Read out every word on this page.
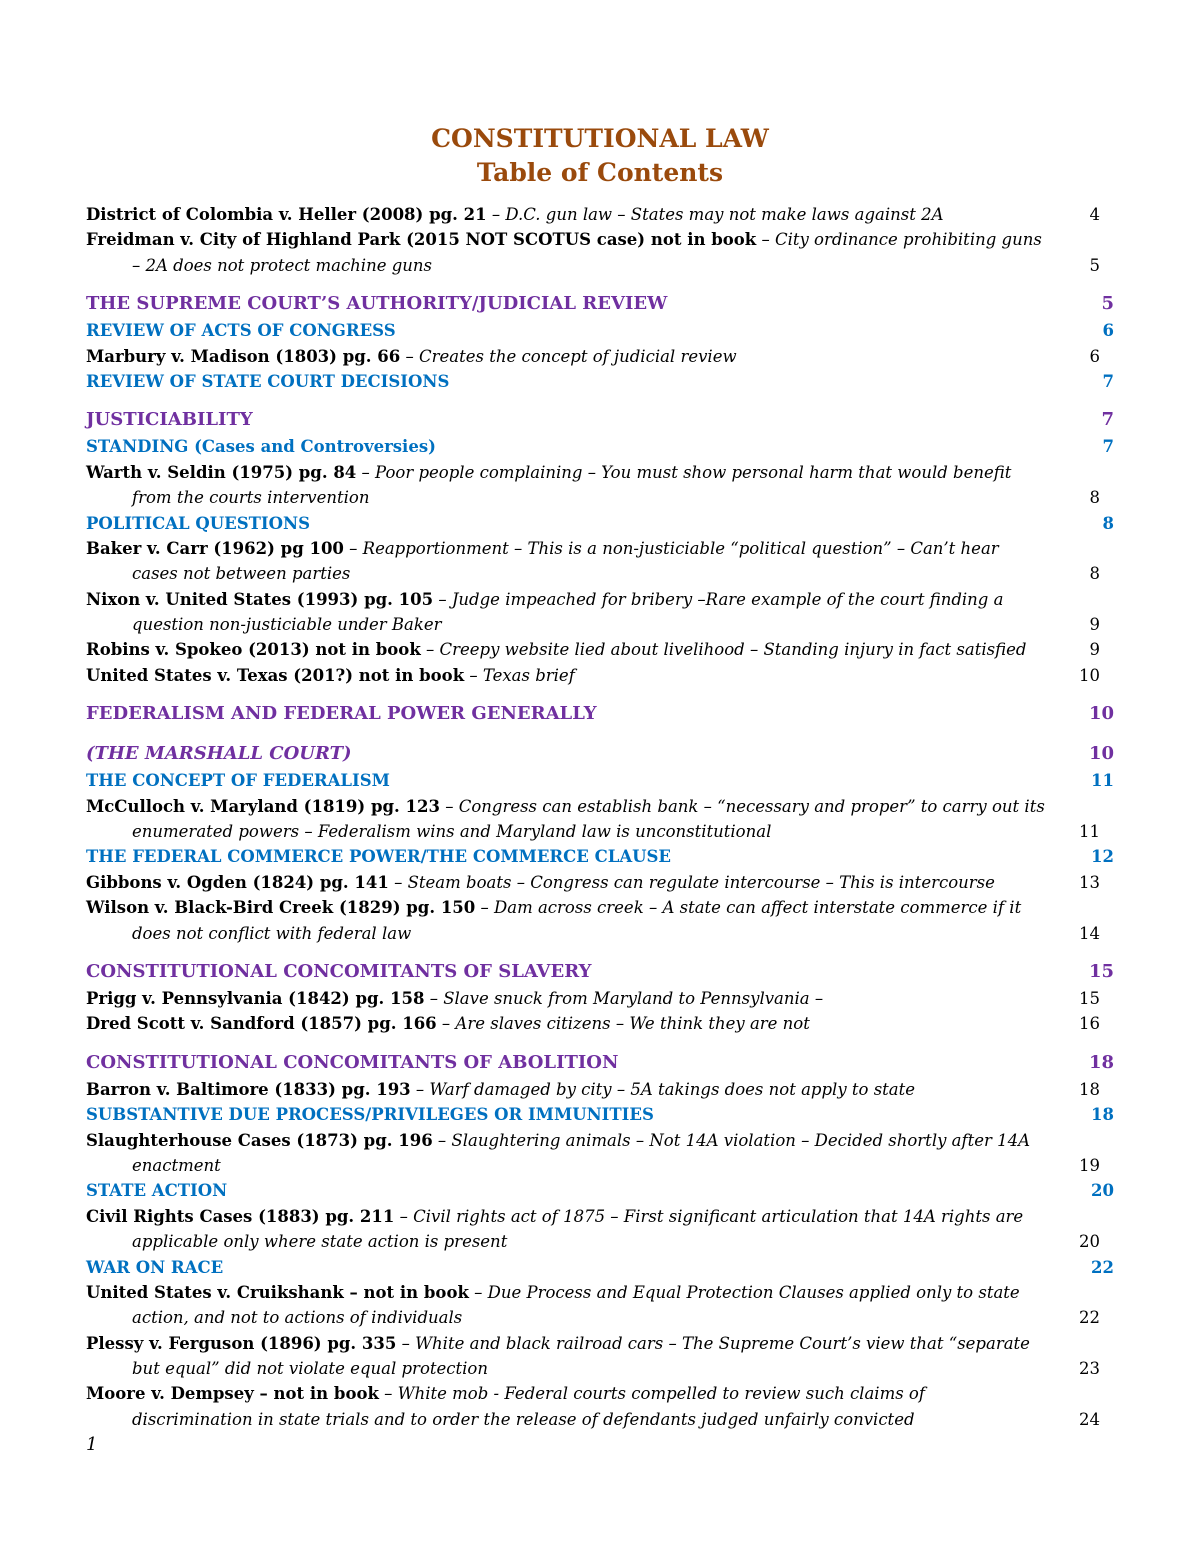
CONSTITUTIONAL LAW
Table of Contents
District of Colombia v. Heller (2008) pg. 21 – D.C. gun law – States may not make laws against 2A	4
Freidman v. City of Highland Park (2015 NOT SCOTUS case) not in book – City ordinance prohibiting guns
– 2A does not protect machine guns	5
THE SUPREME COURT’S AUTHORITY/JUDICIAL REVIEW	5
REVIEW OF ACTS OF CONGRESS	6
Marbury v. Madison (1803) pg. 66 – Creates the concept of judicial review	6
REVIEW OF STATE COURT DECISIONS	7
JUSTICIABILITY	7
STANDING (Cases and Controversies)	7
Warth v. Seldin (1975) pg. 84 – Poor people complaining – You must show personal harm that would benefit
from the courts intervention	8
POLITICAL QUESTIONS	8
Baker v. Carr (1962) pg 100 – Reapportionment – This is a non-justiciable “political question” – Can’t hear
cases not between parties	8
Nixon v. United States (1993) pg. 105 – Judge impeached for bribery –Rare example of the court finding a
question non-justiciable under Baker	9
Robins v. Spokeo (2013) not in book – Creepy website lied about livelihood – Standing injury in fact satisfied	9
United States v. Texas (201?) not in book – Texas brief	10
FEDERALISM AND FEDERAL POWER GENERALLY	10
(THE MARSHALL COURT)	10
THE CONCEPT OF FEDERALISM	11
McCulloch v. Maryland (1819) pg. 123 – Congress can establish bank – “necessary and proper” to carry out its
enumerated powers – Federalism wins and Maryland law is unconstitutional	11
THE FEDERAL COMMERCE POWER/THE COMMERCE CLAUSE	12
Gibbons v. Ogden (1824) pg. 141 – Steam boats – Congress can regulate intercourse – This is intercourse	13
Wilson v. Black-Bird Creek (1829) pg. 150 – Dam across creek – A state can affect interstate commerce if it
does not conflict with federal law	14
CONSTITUTIONAL CONCOMITANTS OF SLAVERY	15
Prigg v. Pennsylvania (1842) pg. 158 – Slave snuck from Maryland to Pennsylvania –	15
Dred Scott v. Sandford (1857) pg. 166 – Are slaves citizens – We think they are not	16
CONSTITUTIONAL CONCOMITANTS OF ABOLITION	18
Barron v. Baltimore (1833) pg. 193 – Warf damaged by city – 5A takings does not apply to state	18
SUBSTANTIVE DUE PROCESS/PRIVILEGES OR IMMUNITIES	18
Slaughterhouse Cases (1873) pg. 196 – Slaughtering animals – Not 14A violation – Decided shortly after 14A
enactment	19
STATE ACTION	20
Civil Rights Cases (1883) pg. 211 – Civil rights act of 1875 – First significant articulation that 14A rights are
applicable only where state action is present	20
WAR ON RACE	22
United States v. Cruikshank – not in book – Due Process and Equal Protection Clauses applied only to state
action, and not to actions of individuals	22
Plessy v. Ferguson (1896) pg. 335 – White and black railroad cars – The Supreme Court’s view that “separate
but equal” did not violate equal protection	23
Moore v. Dempsey – not in book – White mob - Federal courts compelled to review such claims of
discrimination in state trials and to order the release of defendants judged unfairly convicted	24
1
